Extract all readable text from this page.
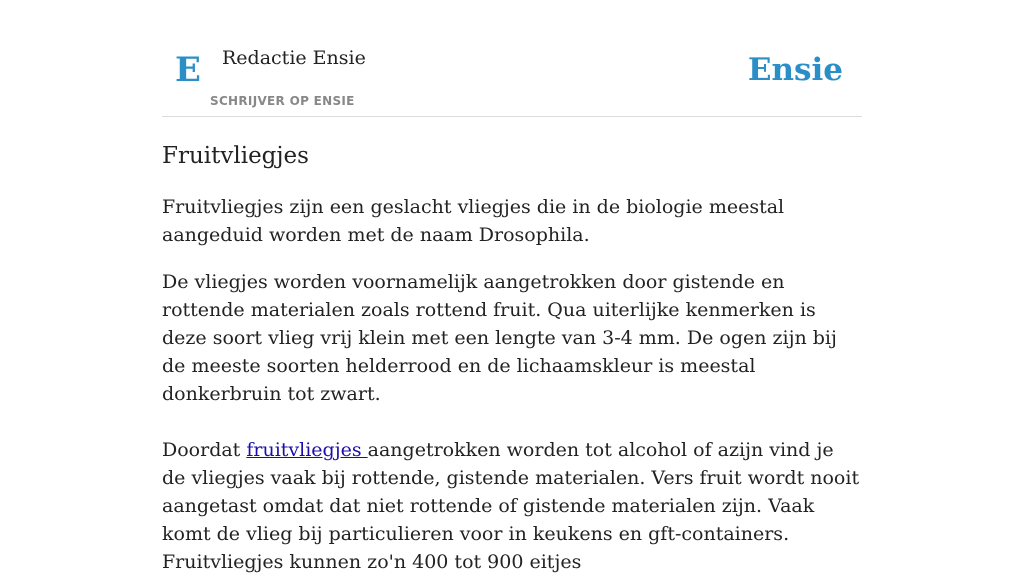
E Redactie Ensie
SCHRIJVER OP ENSIE
Ensie
Fruitvliegjes

Fruitvliegjes zijn een geslacht vliegjes die in de biologie meestal aangeduid worden met de naam Drosophila.

De vliegjes worden voornamelijk aangetrokken door gistende en rottende materialen zoals rottend fruit. Qua uiterlijke kenmerken is deze soort vlieg vrij klein met een lengte van 3-4 mm. De ogen zijn bij de meeste soorten helderrood en de lichaamskleur is meestal donkerbruin tot zwart.

Doordat fruitvliegjes aangetrokken worden tot alcohol of azijn vind je de vliegjes vaak bij rottende, gistende materialen. Vers fruit wordt nooit aangetast omdat dat niet rottende of gistende materialen zijn. Vaak komt de vlieg bij particulieren voor in keukens en gft-containers. Fruitvliegjes kunnen zo'n 400 tot 900 eitjes
